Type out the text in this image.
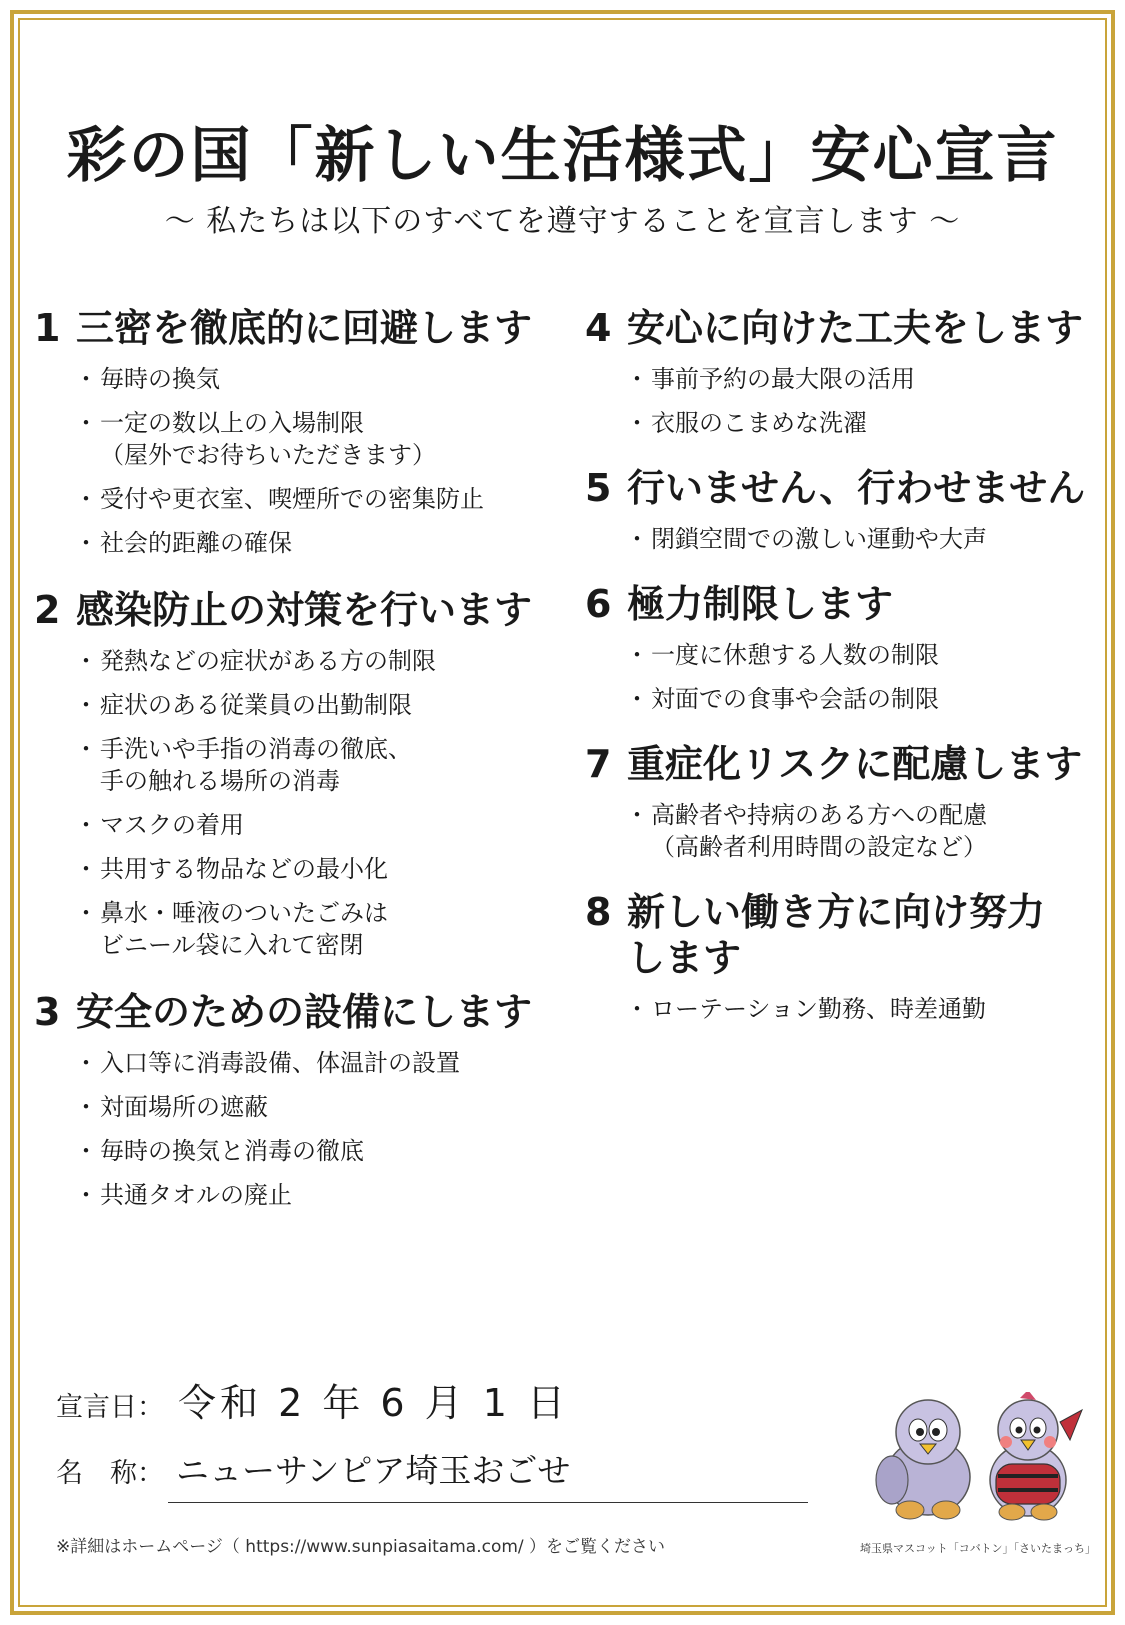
彩の国「新しい生活様式」安心宣言
〜 私たちは以下のすべてを遵守することを宣言します 〜
1 三密を徹底的に回避します
・ 毎時の換気
・ 一定の数以上の入場制限
（屋外でお待ちいただきます）
・ 受付や更衣室、喫煙所での密集防止
・ 社会的距離の確保
2 感染防止の対策を行います
・ 発熱などの症状がある方の制限
・ 症状のある従業員の出勤制限
・ 手洗いや手指の消毒の徹底、
手の触れる場所の消毒
・ マスクの着用
・ 共用する物品などの最小化
・ 鼻水・唾液のついたごみは
ビニール袋に入れて密閉
3 安全のための設備にします
・ 入口等に消毒設備、体温計の設置
・ 対面場所の遮蔽
・ 毎時の換気と消毒の徹底
・ 共通タオルの廃止
4 安心に向けた工夫をします
・ 事前予約の最大限の活用
・ 衣服のこまめな洗濯
5 行いません、行わせません
・ 閉鎖空間での激しい運動や大声
6 極力制限します
・ 一度に休憩する人数の制限
・ 対面での食事や会話の制限
7 重症化リスクに配慮します
・ 高齢者や持病のある方への配慮
（高齢者利用時間の設定など）
8 新しい働き方に向け努力
します
・ ローテーション勤務、時差通勤
宣言日： 令和 2 年 6 月 1 日
名　称： ニューサンピア埼玉おごせ
※詳細はホームページ（ https://www.sunpiasaitama.com/ ）をご覧ください	埼玉県マスコット「コバトン」「さいたまっち」
